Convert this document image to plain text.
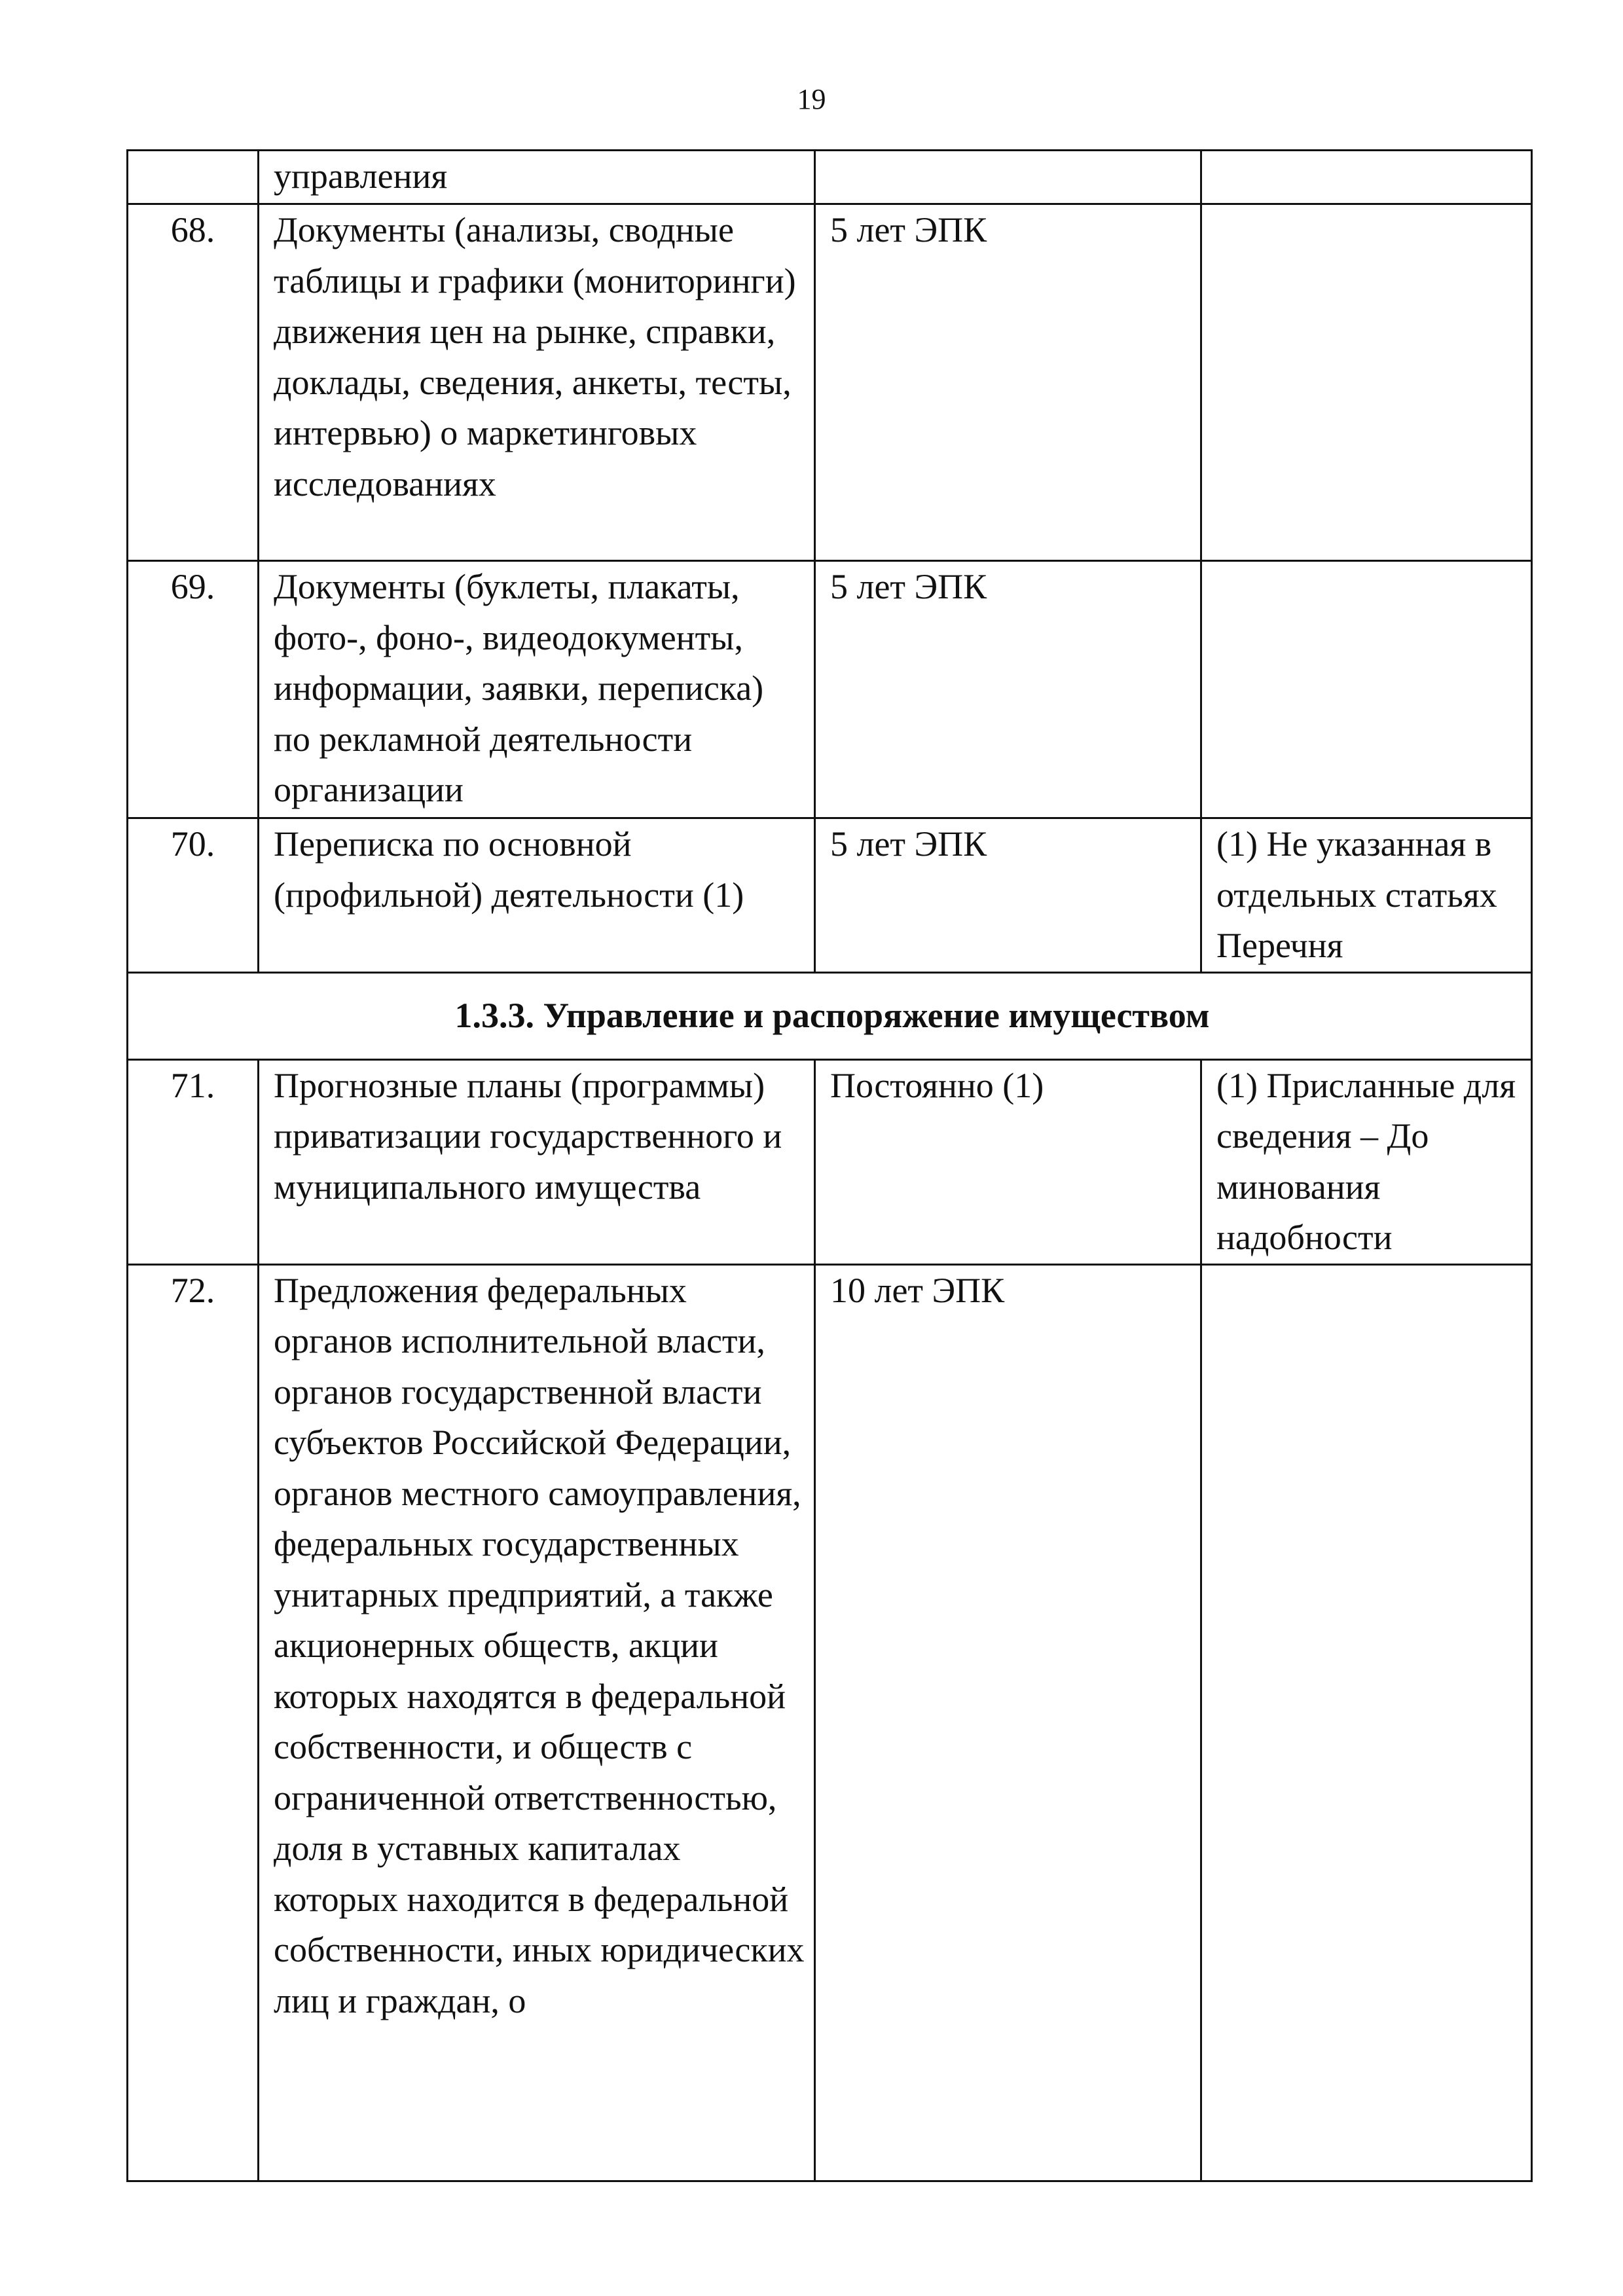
19
	управления		
68.	Документы (анализы, сводные таблицы и графики (мониторинги) движения цен на рынке, справки, доклады, сведения, анкеты, тесты, интервью) о маркетинговых исследованиях	5 лет ЭПК	
69.	Документы (буклеты, плакаты, фото-, фоно-, видеодокументы, информации, заявки, переписка) по рекламной деятельности организации	5 лет ЭПК	
70.	Переписка по основной (профильной) деятельности (1)	5 лет ЭПК	(1) Не указанная в отдельных статьях Перечня
1.3.3. Управление и распоряжение имуществом			
71.	Прогнозные планы (программы) приватизации государственного и муниципального имущества	Постоянно (1)	(1) Присланные для сведения – До минования надобности
72.	Предложения федеральных органов исполнительной власти, органов государственной власти субъектов Российской Федерации, органов местного самоуправления, федеральных государственных унитарных предприятий, а также акционерных обществ, акции которых находятся в федеральной собственности, и обществ с ограниченной ответственностью, доля в уставных капиталах которых находится в федеральной собственности, иных юридических лиц и граждан, о	10 лет ЭПК	
